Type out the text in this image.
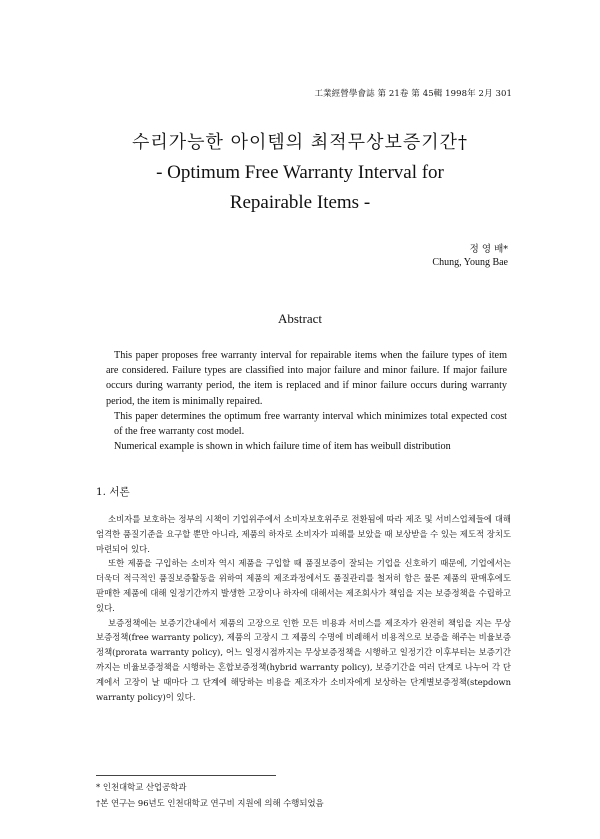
工業經營學會誌 第 21卷 第 45輯 1998年 2月 301

수리가능한 아이템의 최적무상보증기간†

- Optimum Free Warranty Interval for

Repairable Items -

정 영 배*
Chung, Young Bae
Abstract

This paper proposes free warranty interval for repairable items when the failure types of item are considered. Failure types are classified into major failure and minor failure. If major failure occurs during warranty period, the item is replaced and if minor failure occurs during warranty period, the item is minimally repaired.

This paper determines the optimum free warranty interval which minimizes total expected cost of the free warranty cost model.

Numerical example is shown in which failure time of item has weibull distribution

1. 서론

소비자를 보호하는 정부의 시책이 기업위주에서 소비자보호위주로 전환됨에 따라 제조 및 서비스업체들에 대해 엄격한 품질기준을 요구할 뿐만 아니라, 제품의 하자로 소비자가 피해를 보았을 때 보상받을 수 있는 제도적 장치도 마련되어 있다.

또한 제품을 구입하는 소비자 역시 제품을 구입할 때 품질보증이 잘되는 기업을 신호하기 때문에, 기업에서는 더욱더 적극적인 품질보증활동을 위하여 제품의 제조과정에서도 품질관리를 철저히 함은 물론 제품의 판매후에도 판매한 제품에 대해 일정기간까지 발생한 고장이나 하자에 대해서는 제조회사가 책임을 지는 보증정책을 수립하고 있다.

보증정책에는 보증기간내에서 제품의 고장으로 인한 모든 비용과 서비스를 제조자가 완전히 책임을 지는 무상보증정책(free warranty policy), 제품의 고장시 그 제품의 수명에 비례해서 비용적으로 보증을 해주는 비율보증정책(prorata warranty policy), 어느 일정시점까지는 무상보증정책을 시행하고 일정기간 이후부터는 보증기간까지는 비율보증정책을 시행하는 혼합보증정책(hybrid warranty policy), 보증기간을 여러 단계로 나누어 각 단계에서 고장이 날 때마다 그 단계에 해당하는 비용을 제조자가 소비자에게 보상하는 단계별보증정책(stepdown warranty policy)이 있다.

* 인천대학교 산업공학과
†본 연구는 96년도 인천대학교 연구비 지원에 의해 수행되었음
